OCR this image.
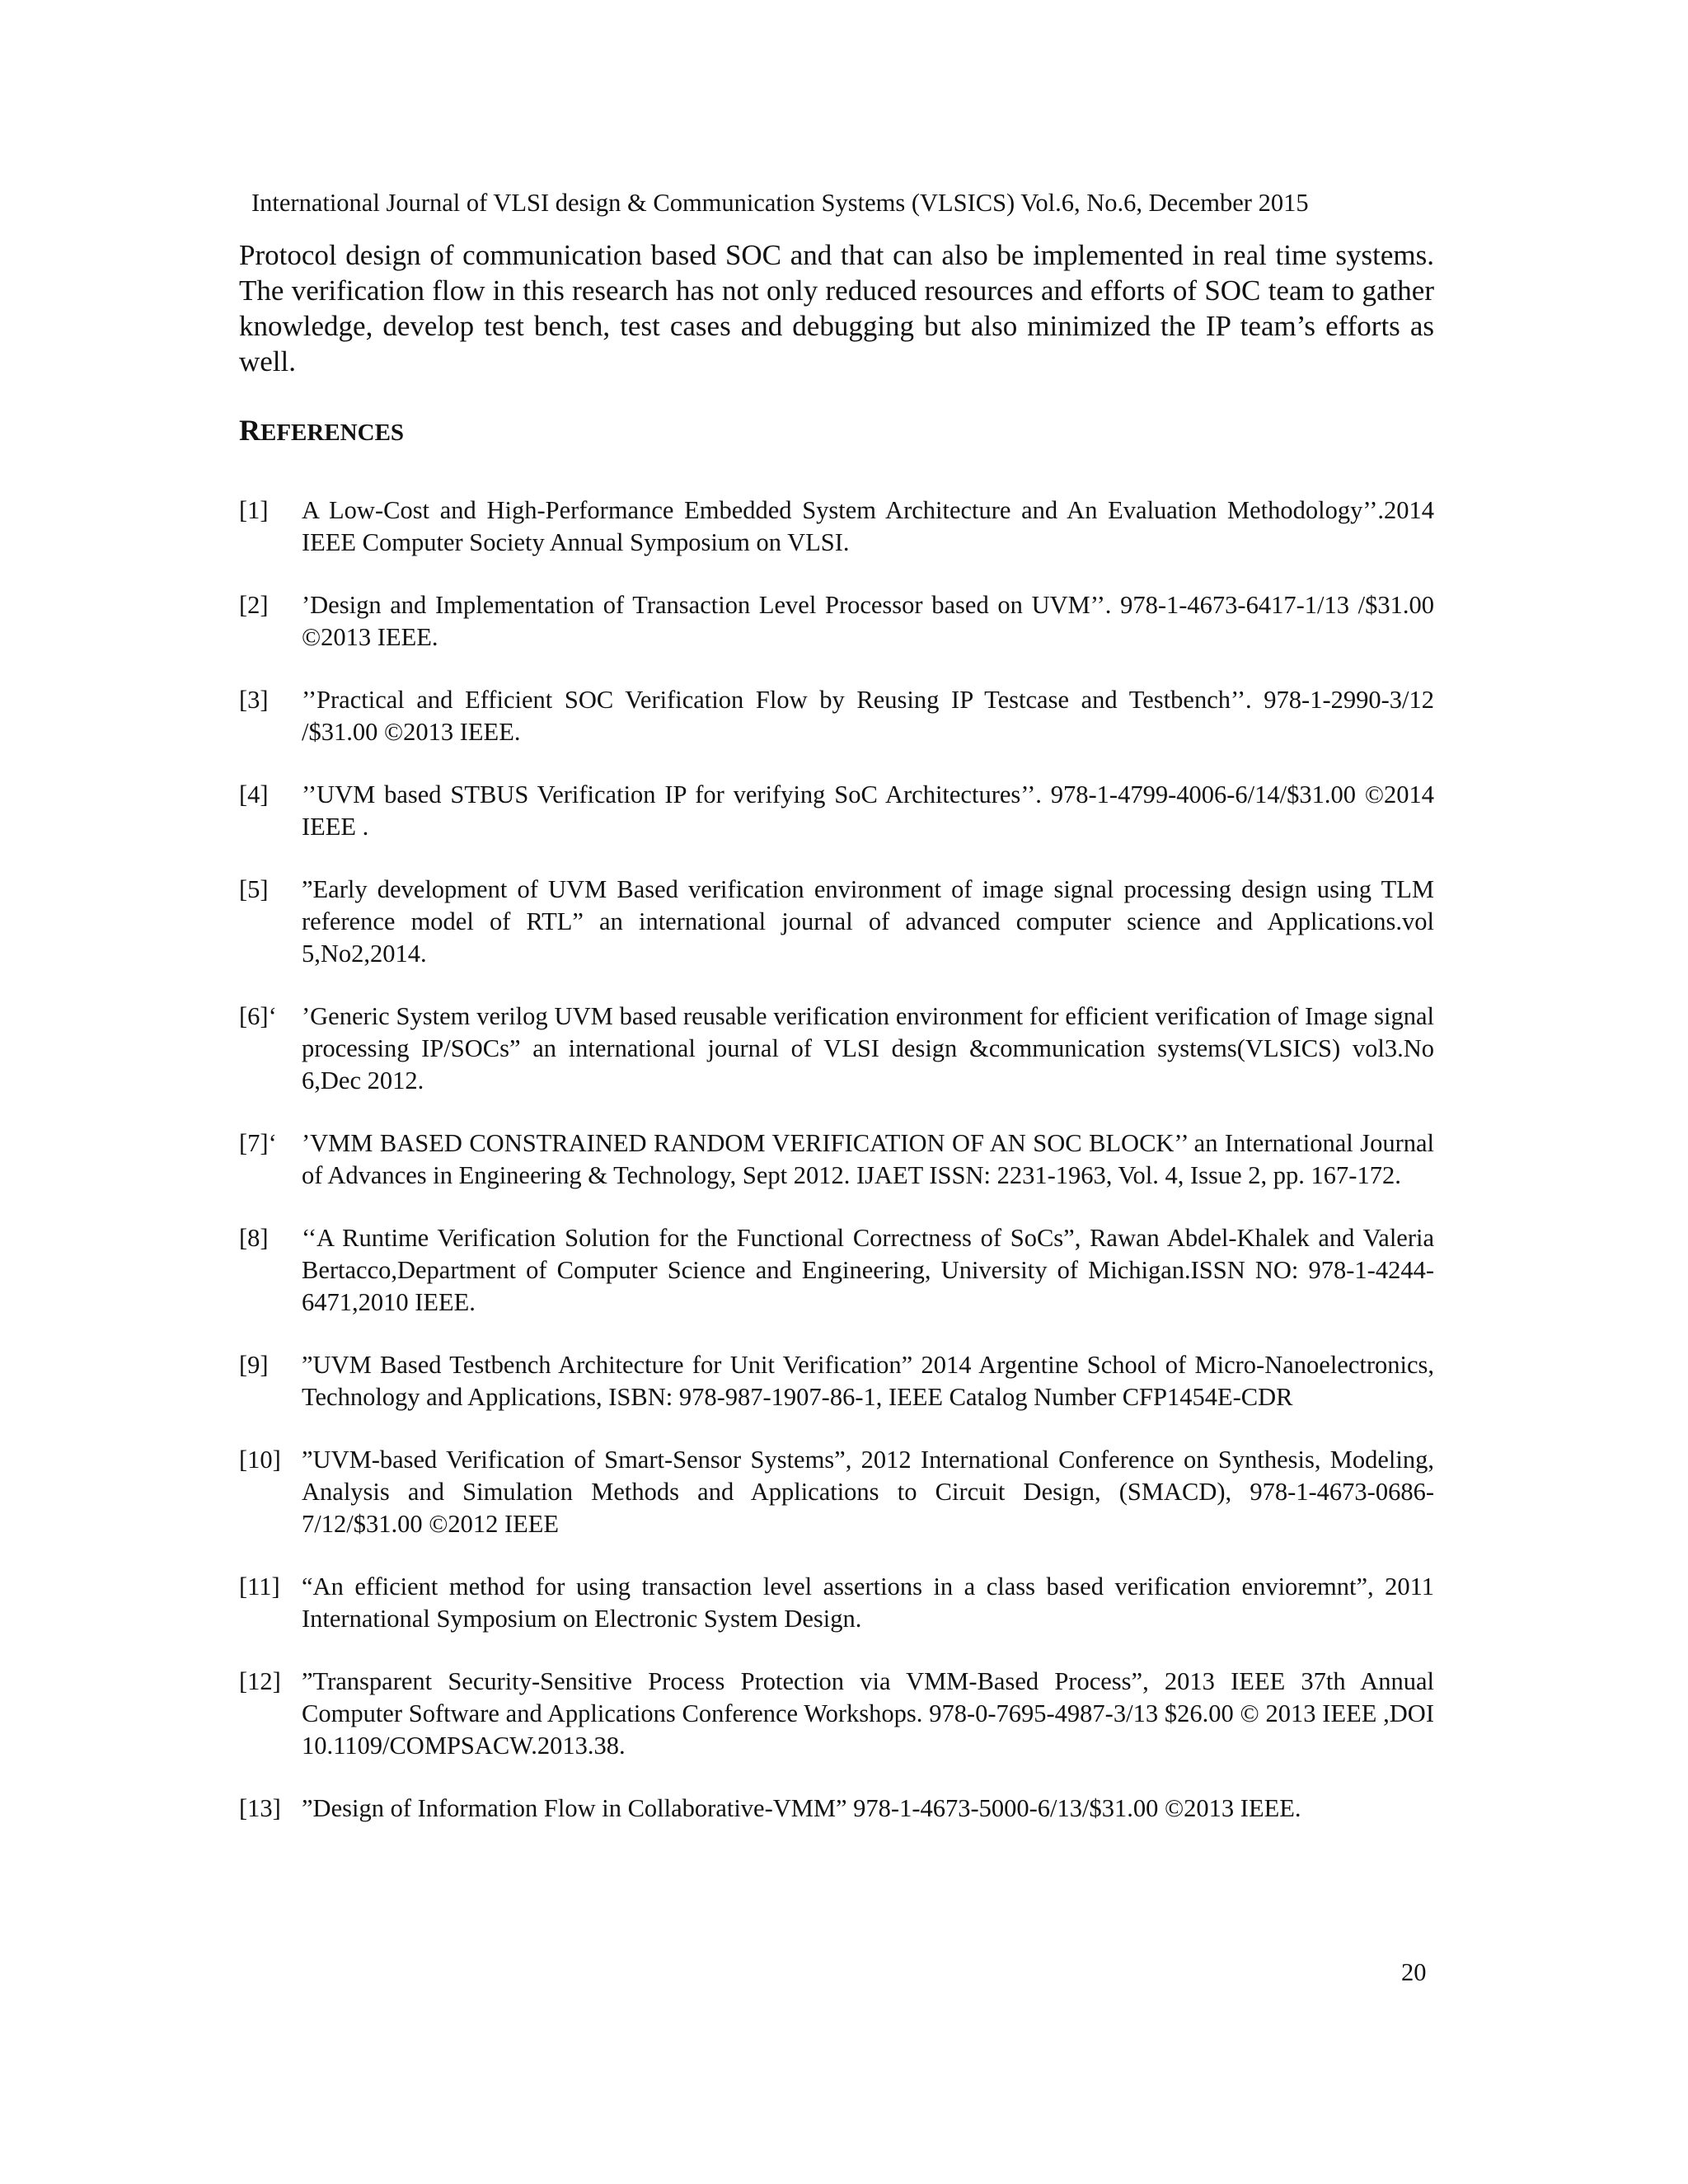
International Journal of VLSI design & Communication Systems (VLSICS) Vol.6, No.6, December 2015

Protocol design of communication based SOC and that can also be implemented in real time systems. The verification flow in this research has not only reduced resources and efforts of SOC team to gather knowledge, develop test bench, test cases and debugging but also minimized the IP team’s efforts as well.

REFERENCES
[1]	A Low-Cost and High-Performance Embedded System Architecture and An Evaluation Methodology’’.2014 IEEE Computer Society Annual Symposium on VLSI.
[2]	’Design and Implementation of Transaction Level Processor based on UVM’’. 978-1-4673-6417-1/13 /$31.00 ©2013 IEEE.
[3]	’’Practical and Efficient SOC Verification Flow by Reusing IP Testcase and Testbench’’. 978-1-2990-3/12 /$31.00 ©2013 IEEE.
[4]	’’UVM based STBUS Verification IP for verifying SoC Architectures’’. 978-1-4799-4006-6/14/$31.00 ©2014 IEEE .
[5]	”Early development of UVM Based verification environment of image signal processing design using TLM reference model of RTL” an international journal of advanced computer science and Applications.vol 5,No2,2014.
[6]‘ ’Generic System verilog UVM based reusable verification environment for efficient verification of Image signal processing IP/SOCs” an international journal of VLSI design &communication systems(VLSICS) vol3.No 6,Dec 2012.
[7]‘ ’VMM BASED CONSTRAINED RANDOM VERIFICATION OF AN SOC BLOCK’’ an International Journal of Advances in Engineering & Technology, Sept 2012. IJAET ISSN: 2231-1963, Vol. 4, Issue 2, pp. 167-172.
[8]	‘‘A Runtime Verification Solution for the Functional Correctness of SoCs”, Rawan Abdel-Khalek and Valeria Bertacco,Department of Computer Science and Engineering, University of Michigan.ISSN NO: 978-1-4244-6471,2010 IEEE.
[9]	”UVM Based Testbench Architecture for Unit Verification” 2014 Argentine School of Micro-Nanoelectronics, Technology and Applications, ISBN: 978-987-1907-86-1, IEEE Catalog Number CFP1454E-CDR
[10] ”UVM-based Verification of Smart-Sensor Systems”, 2012 International Conference on Synthesis, Modeling, Analysis and Simulation Methods and Applications to Circuit Design, (SMACD), 978-1-4673-0686-7/12/$31.00 ©2012 IEEE
[11] “An efficient method for using transaction level assertions in a class based verification envioremnt”, 2011 International Symposium on Electronic System Design.
[12] ”Transparent Security-Sensitive Process Protection via VMM-Based Process”, 2013 IEEE 37th Annual Computer Software and Applications Conference Workshops. 978-0-7695-4987-3/13 $26.00 © 2013 IEEE ,DOI 10.1109/COMPSACW.2013.38.
[13] ”Design of Information Flow in Collaborative-VMM” 978-1-4673-5000-6/13/$31.00 ©2013 IEEE.
20
